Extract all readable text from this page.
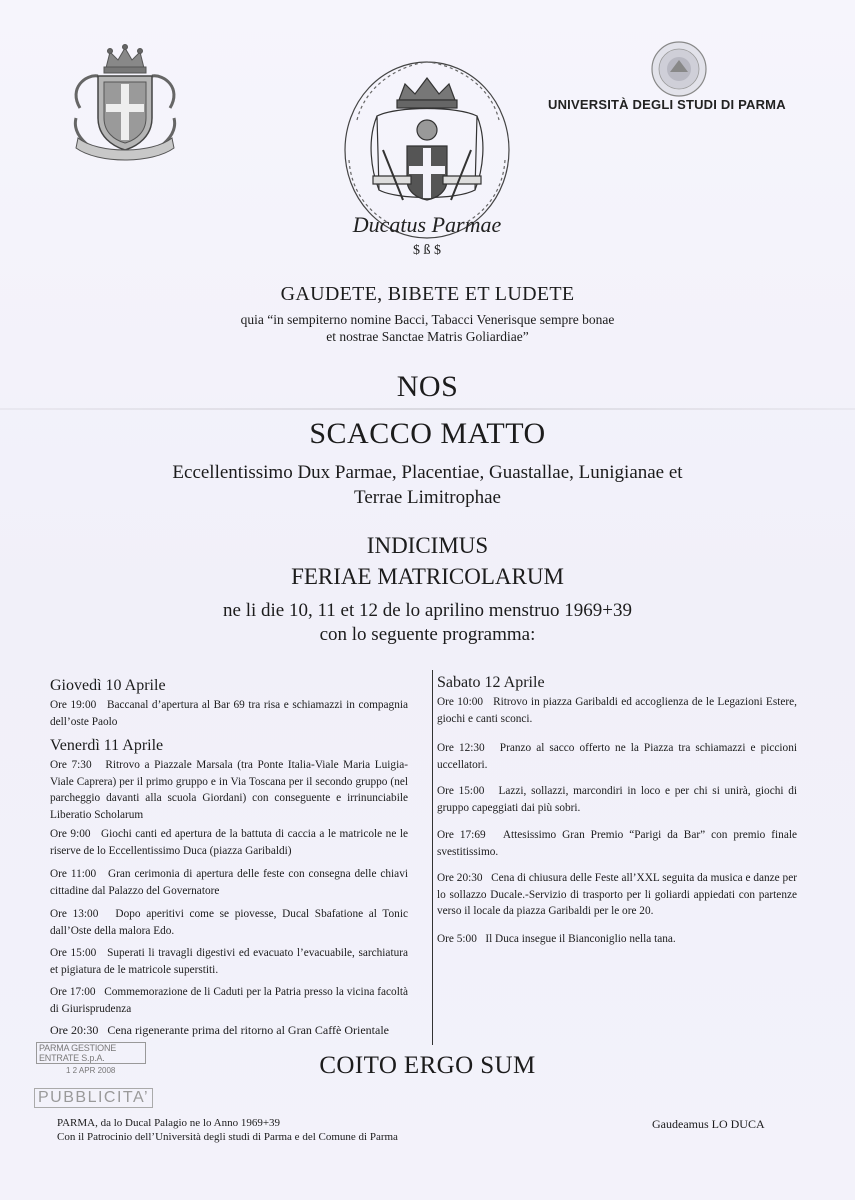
Ducatus Parmae
$ ß $
UNIVERSITÀ DEGLI STUDI DI PARMA
GAUDETE, BIBETE ET LUDETE
quia “in sempiterno nomine Bacci, Tabacci Venerisque sempre bonae
et nostrae Sanctae Matris Goliardiae”
NOS
SCACCO MATTO
Eccellentissimo Dux Parmae, Placentiae, Guastallae, Lunigianae et
Terrae Limitrophae
INDICIMUS
FERIAE MATRICOLARUM
ne li die 10, 11 et 12 de lo aprilino menstruo 1969+39
con lo seguente programma:
Giovedì 10 Aprile
Ore 19:00 Baccanal d’apertura al Bar 69 tra risa e schiamazzi in compagnia dell’oste Paolo
Venerdì 11 Aprile
Ore 7:30 Ritrovo a Piazzale Marsala (tra Ponte Italia-Viale Maria Luigia-Viale Caprera) per il primo gruppo e in Via Toscana per il secondo gruppo (nel parcheggio davanti alla scuola Giordani) con conseguente e irrinunciabile Liberatio Scholarum
Ore 9:00 Giochi canti ed apertura de la battuta di caccia a le matricole ne le riserve de lo Eccellentissimo Duca (piazza Garibaldi)
Ore 11:00 Gran cerimonia di apertura delle feste con consegna delle chiavi cittadine dal Palazzo del Governatore
Ore 13:00 Dopo aperitivi come se piovesse, Ducal Sbafatione al Tonic dall’Oste della malora Edo.
Ore 15:00 Superati li travagli digestivi ed evacuato l’evacuabile, sarchiatura et pigiatura de le matricole superstiti.
Ore 17:00 Commemorazione de li Caduti per la Patria presso la vicina facoltà di Giurisprudenza
Ore 20:30 Cena rigenerante prima del ritorno al Gran Caffè Orientale
Sabato 12 Aprile
Ore 10:00 Ritrovo in piazza Garibaldi ed accoglienza de le Legazioni Estere, giochi e canti sconci.
Ore 12:30 Pranzo al sacco offerto ne la Piazza tra schiamazzi e piccioni uccellatori.
Ore 15:00 Lazzi, sollazzi, marcondiri in loco e per chi si unirà, giochi di gruppo capeggiati dai più sobri.
Ore 17:69 Attesissimo Gran Premio “Parigi da Bar” con premio finale svestitissimo.
Ore 20:30 Cena di chiusura delle Feste all’XXL seguita da musica e danze per lo sollazzo Ducale.-Servizio di trasporto per li goliardi appiedati con partenze verso il locale da piazza Garibaldi per le ore 20.
Ore 5:00 Il Duca insegue il Bianconiglio nella tana.
COITO ERGO SUM
PARMA GESTIONE ENTRATE S.p.A.
1 2 APR 2008
PUBBLICITA’
PARMA, da lo Ducal Palagio ne lo Anno 1969+39
Con il Patrocinio dell’Università degli studi di Parma e del Comune di Parma
Gaudeamus LO DUCA
